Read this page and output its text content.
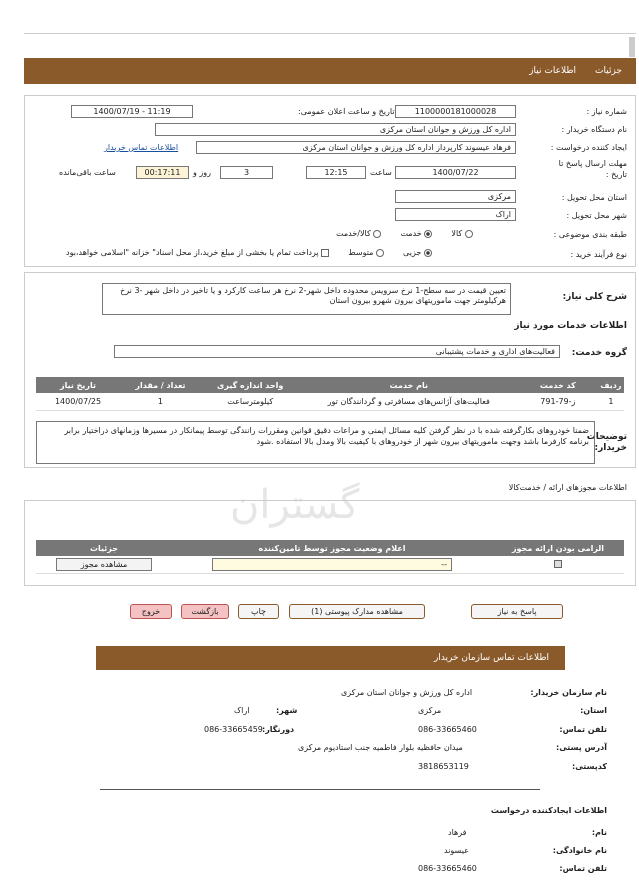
جزئیات
اطلاعات نیاز
شماره نیاز :
1100000181000028
تاریخ و ساعت اعلان عمومی:
1400/07/19 - 11:19
نام دستگاه خریدار :
اداره کل ورزش و جوانان استان مرکزی
ایجاد کننده درخواست :
فرهاد عیسوند کارپرداز اداره کل ورزش و جوانان استان مرکزی
اطلاعات تماس خریدار
مهلت ارسال پاسخ تا تاریخ :
1400/07/22
ساعت
12:15
3
روز و
00:17:11
ساعت باقی‌مانده
استان محل تحویل :
مرکزی
شهر محل تحویل :
اراک
طبقه بندی موضوعی :
کالا   خدمت   کالا/خدمت
نوع فرآیند خرید :
جزیی   متوسط   پرداخت تمام یا بخشی از مبلغ خرید،از محل اسناد" خزانه "اسلامی خواهد،بود
شرح کلی نیاز:
تعیین قیمت در سه سطح-1 نرخ سرویس محدوده داخل شهر-2 نرخ هر ساعت کارکرد و یا تاخیر در داخل شهر -3 نرخ هرکیلومتر جهت ماموریتهای بیرون شهرو بیرون استان
اطلاعات خدمات مورد نیاز
گروه خدمت:
فعالیت‌های اداری و خدمات پشتیبانی
ردیف	کد خدمت	نام خدمت	واحد اندازه گیری	تعداد / مقدار	تاریخ نیاز
1	ز-79-791	فعالیت‌های آژانس‌های مسافرتی و گردانندگان تور	کیلومترساعت	1	1400/07/25
توضیحات خریدار:
ضمنا خودروهای بکارگرفته شده با در نظر گرفتن کلیه مسائل ایمنی و مراعات دقیق قوانین ومقررات رانندگی توسط پیمانکار در مسیرها وزمانهای دراختیار برابر برنامه کارفرما باشد وجهت ماموریتهای بیرون شهر از خودروهای با کیفیت بالا ومدل بالا استفاده .شود
گستران	اطلاعات مجوزهای ارائه / خدمت‌کالا
الزامی بودن ارائه مجوز	اعلام وضعیت مجوز توسط تامین‌کننده	جزئیات

	--	مشاهده مجوز
پاسخ به نیاز
مشاهده مدارک پیوستی (1)
چاپ
بازگشت
خروج
اطلاعات تماس سازمان خریدار
نام سازمان خریدار:
اداره کل ورزش و جوانان استان مرکزی
استان:
مرکزی
شهر:
اراک
تلفن تماس:
086-33665460
دورنگار:
086-33665459
آدرس پستی:
میدان حافظیه بلوار فاطمیه جنب استادیوم مرکزی
کدپستی:
3818653119
اطلاعات ایجادکننده درخواست
نام:
فرهاد
نام خانوادگی:
عیسوند
تلفن تماس:
086-33665460
